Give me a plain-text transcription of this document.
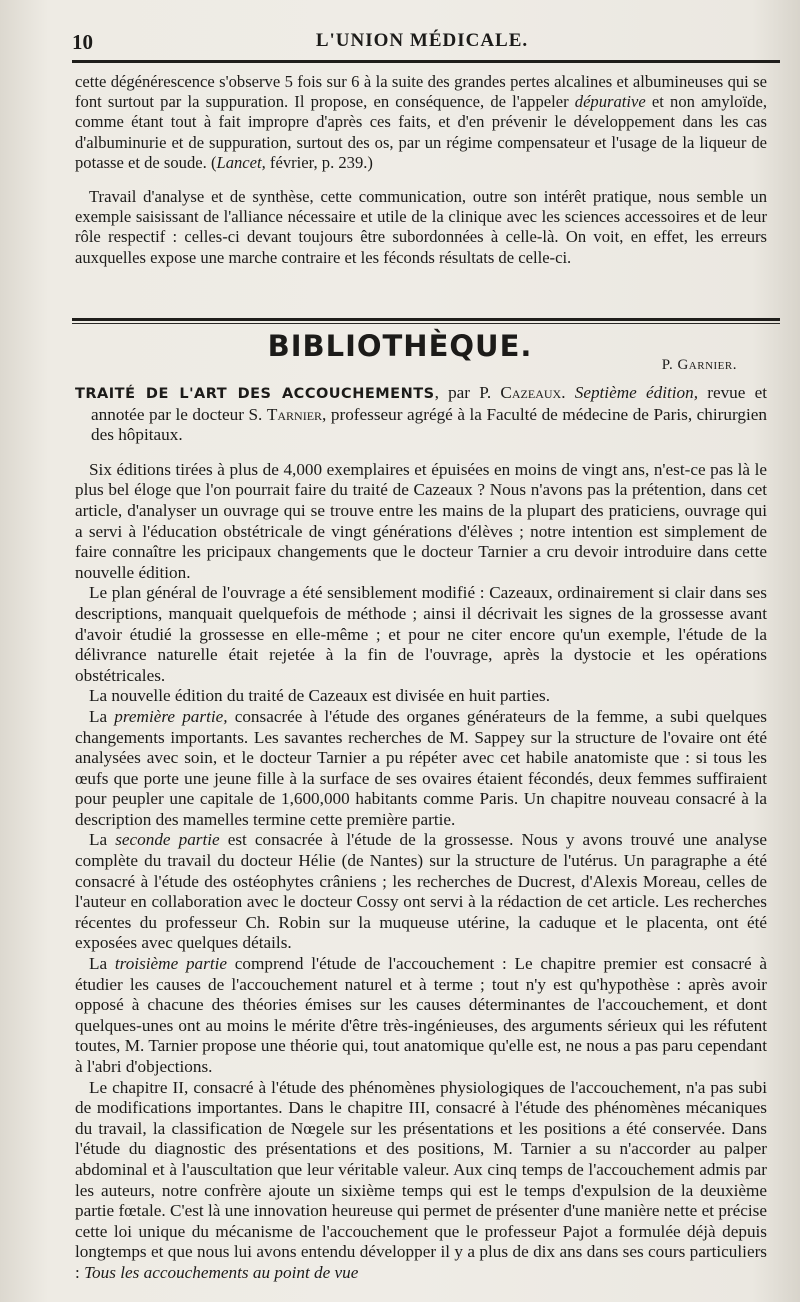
10	L'UNION MÉDICALE.

cette dégénérescence s'observe 5 fois sur 6 à la suite des grandes pertes alcalines et albumineuses qui se font surtout par la suppuration. Il propose, en conséquence, de l'appeler dépurative et non amyloïde, comme étant tout à fait impropre d'après ces faits, et d'en prévenir le développement dans les cas d'albuminurie et de suppuration, surtout des os, par un régime compensateur et l'usage de la liqueur de potasse et de soude. (Lancet, février, p. 239.)

Travail d'analyse et de synthèse, cette communication, outre son intérêt pratique, nous semble un exemple saisissant de l'alliance nécessaire et utile de la clinique avec les sciences accessoires et de leur rôle respectif : celles-ci devant toujours être subordonnées à celle-là. On voit, en effet, les erreurs auxquelles expose une marche contraire et les féconds résultats de celle-ci.

P. Garnier.
BIBLIOTHÈQUE.

TRAITÉ DE L'ART DES ACCOUCHEMENTS, par P. Cazeaux. Septième édition, revue et annotée par le docteur S. Tarnier, professeur agrégé à la Faculté de médecine de Paris, chirurgien des hôpitaux.

Six éditions tirées à plus de 4,000 exemplaires et épuisées en moins de vingt ans, n'est-ce pas là le plus bel éloge que l'on pourrait faire du traité de Cazeaux ? Nous n'avons pas la prétention, dans cet article, d'analyser un ouvrage qui se trouve entre les mains de la plupart des praticiens, ouvrage qui a servi à l'éducation obstétricale de vingt générations d'élèves ; notre intention est simplement de faire connaître les pricipaux changements que le docteur Tarnier a cru devoir introduire dans cette nouvelle édition.

Le plan général de l'ouvrage a été sensiblement modifié : Cazeaux, ordinairement si clair dans ses descriptions, manquait quelquefois de méthode ; ainsi il décrivait les signes de la grossesse avant d'avoir étudié la grossesse en elle-même ; et pour ne citer encore qu'un exemple, l'étude de la délivrance naturelle était rejetée à la fin de l'ouvrage, après la dystocie et les opérations obstétricales.

La nouvelle édition du traité de Cazeaux est divisée en huit parties.

La première partie, consacrée à l'étude des organes générateurs de la femme, a subi quelques changements importants. Les savantes recherches de M. Sappey sur la structure de l'ovaire ont été analysées avec soin, et le docteur Tarnier a pu répéter avec cet habile anatomiste que : si tous les œufs que porte une jeune fille à la surface de ses ovaires étaient fécondés, deux femmes suffiraient pour peupler une capitale de 1,600,000 habitants comme Paris. Un chapitre nouveau consacré à la description des mamelles termine cette première partie.

La seconde partie est consacrée à l'étude de la grossesse. Nous y avons trouvé une analyse complète du travail du docteur Hélie (de Nantes) sur la structure de l'utérus. Un paragraphe a été consacré à l'étude des ostéophytes crâniens ; les recherches de Ducrest, d'Alexis Moreau, celles de l'auteur en collaboration avec le docteur Cossy ont servi à la rédaction de cet article. Les recherches récentes du professeur Ch. Robin sur la muqueuse utérine, la caduque et le placenta, ont été exposées avec quelques détails.

La troisième partie comprend l'étude de l'accouchement : Le chapitre premier est consacré à étudier les causes de l'accouchement naturel et à terme ; tout n'y est qu'hypothèse : après avoir opposé à chacune des théories émises sur les causes déterminantes de l'accouchement, et dont quelques-unes ont au moins le mérite d'être très-ingénieuses, des arguments sérieux qui les réfutent toutes, M. Tarnier propose une théorie qui, tout anatomique qu'elle est, ne nous a pas paru cependant à l'abri d'objections.

Le chapitre II, consacré à l'étude des phénomènes physiologiques de l'accouchement, n'a pas subi de modifications importantes. Dans le chapitre III, consacré à l'étude des phénomènes mécaniques du travail, la classification de Nœgele sur les présentations et les positions a été conservée. Dans l'étude du diagnostic des présentations et des positions, M. Tarnier a su n'accorder au palper abdominal et à l'auscultation que leur véritable valeur. Aux cinq temps de l'accouchement admis par les auteurs, notre confrère ajoute un sixième temps qui est le temps d'expulsion de la deuxième partie fœtale. C'est là une innovation heureuse qui permet de présenter d'une manière nette et précise cette loi unique du mécanisme de l'accouchement que le professeur Pajot a formulée déjà depuis longtemps et que nous lui avons entendu développer il y a plus de dix ans dans ses cours particuliers : Tous les accouchements au point de vue
